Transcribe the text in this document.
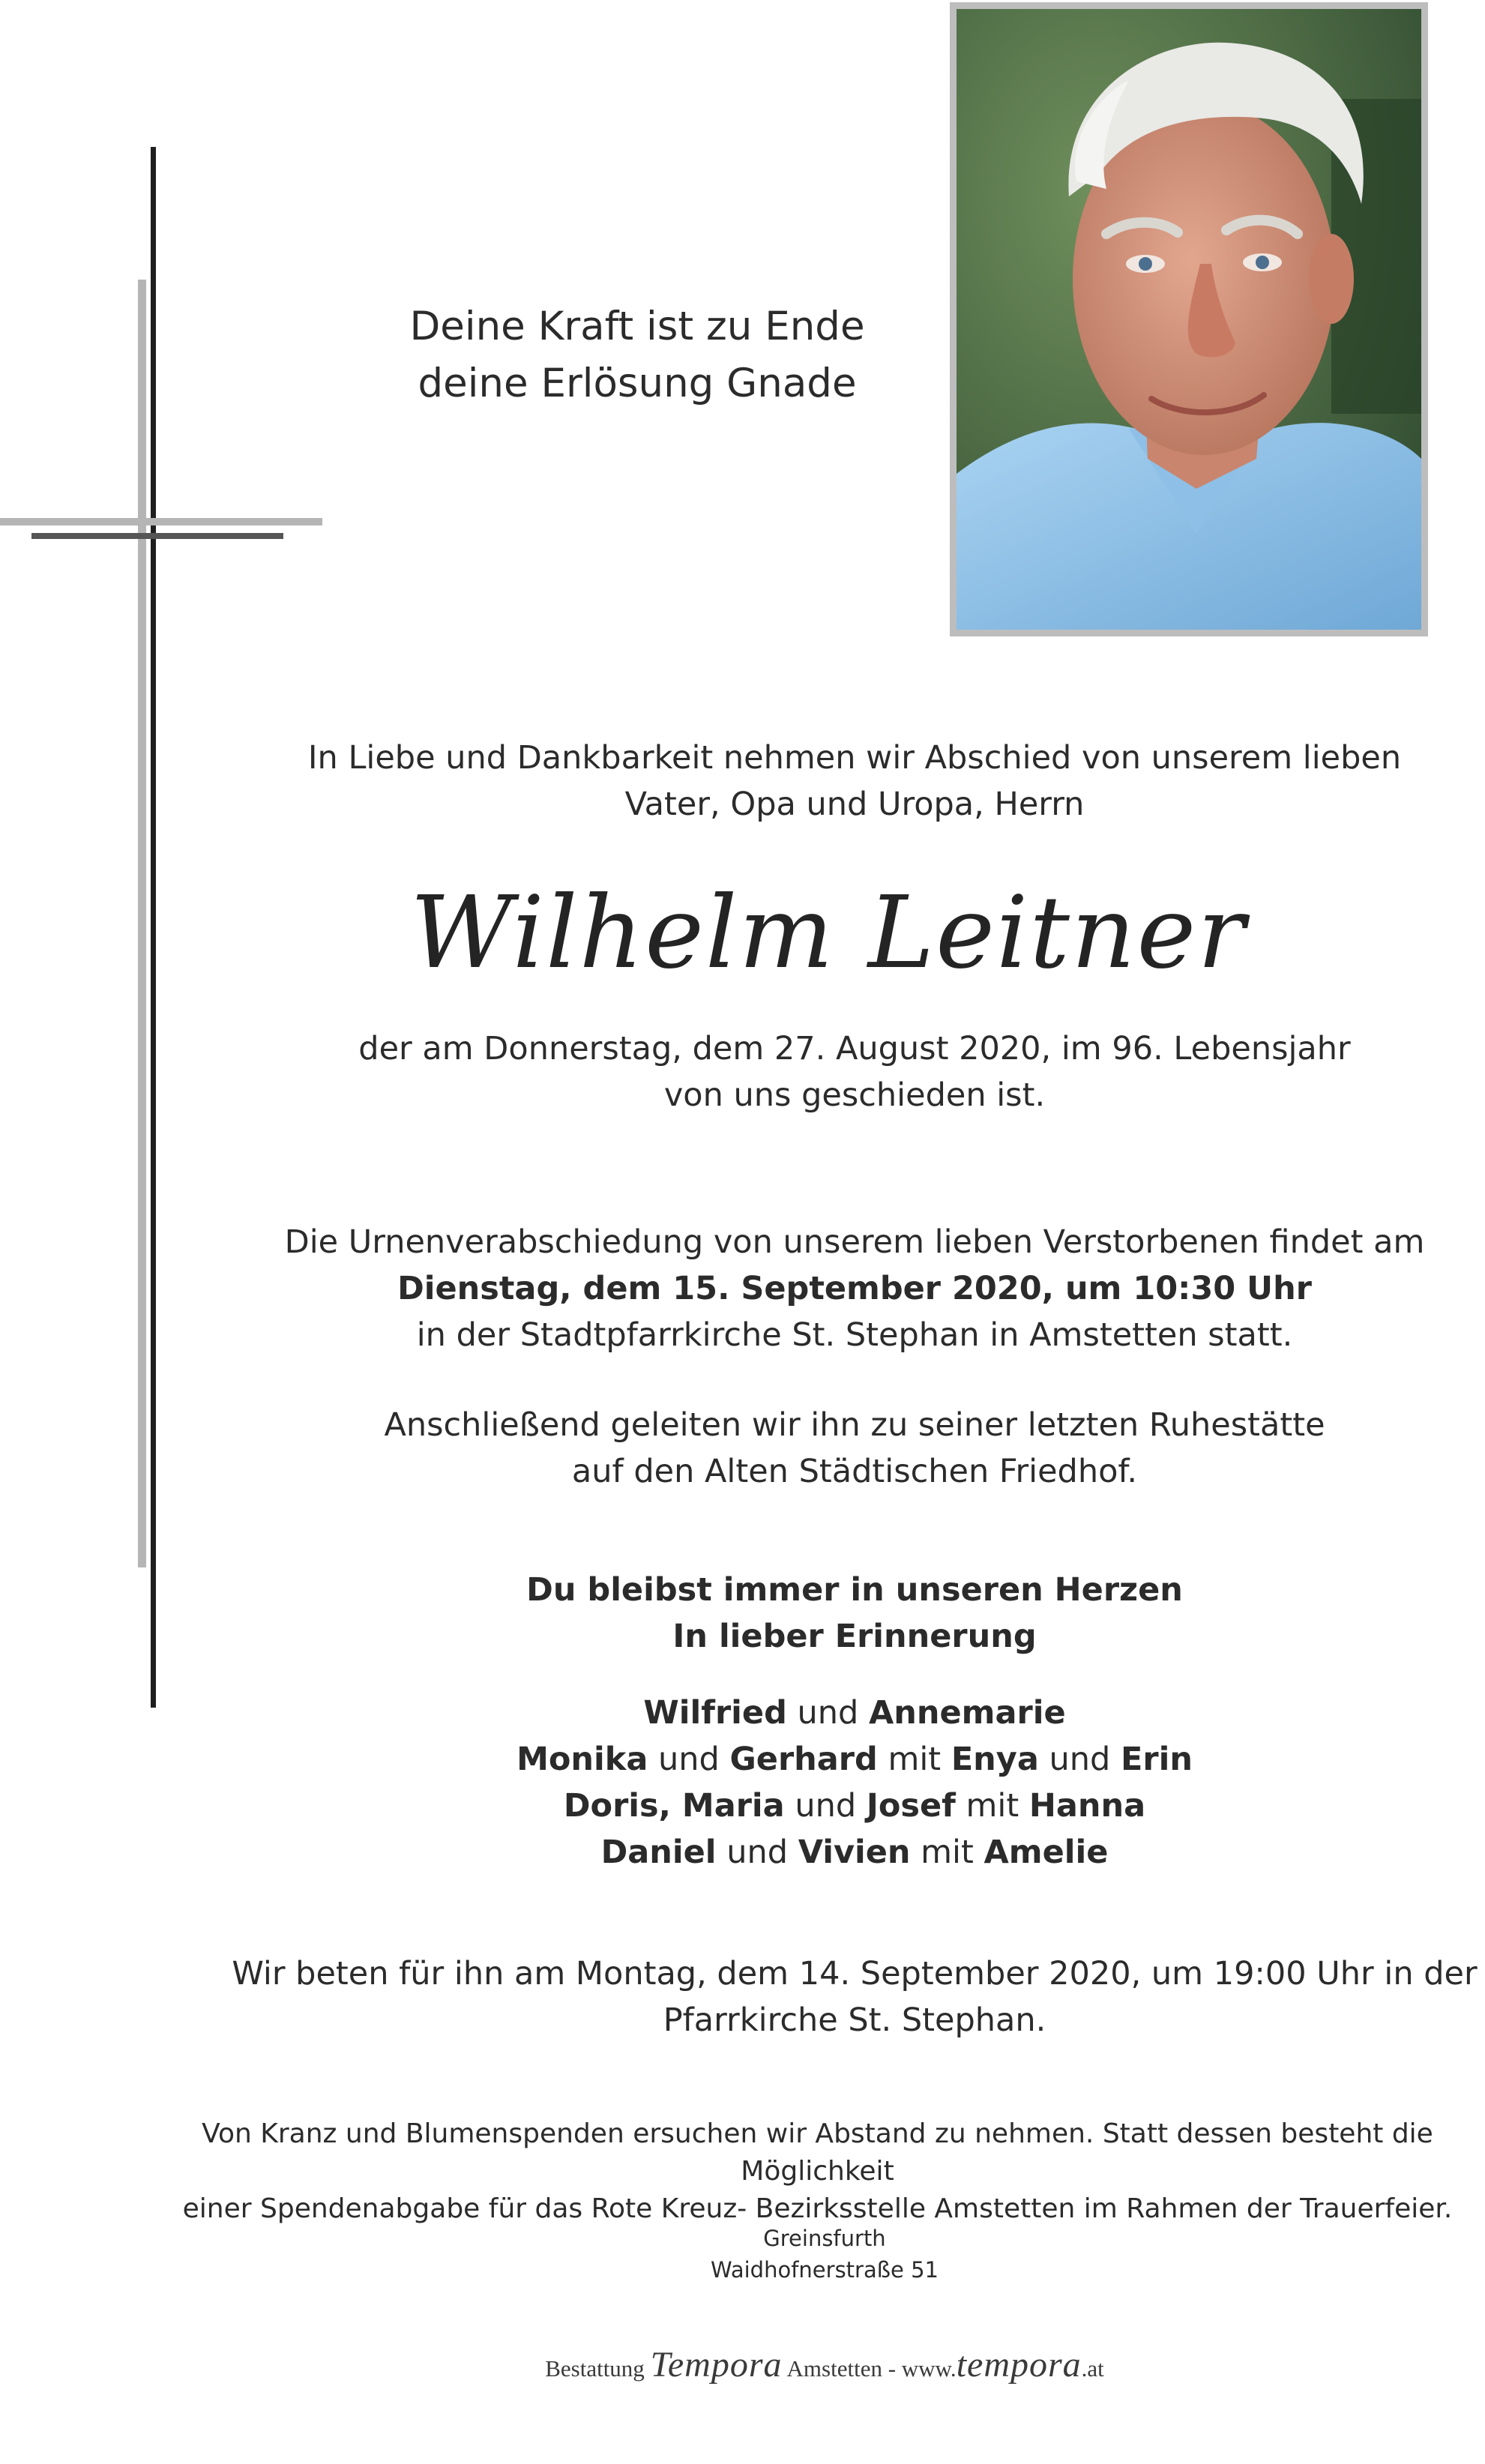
Deine Kraft ist zu Ende
deine Erlösung Gnade
In Liebe und Dankbarkeit nehmen wir Abschied von unserem lieben
Vater, Opa und Uropa, Herrn
Wilhelm Leitner
der am Donnerstag, dem 27. August 2020, im 96. Lebensjahr
von uns geschieden ist.
Die Urnenverabschiedung von unserem lieben Verstorbenen findet am
Dienstag, dem 15. September 2020, um 10:30 Uhr
in der Stadtpfarrkirche St. Stephan in Amstetten statt.
Anschließend geleiten wir ihn zu seiner letzten Ruhestätte
auf den Alten Städtischen Friedhof.
Du bleibst immer in unseren Herzen
In lieber Erinnerung
Wilfried und Annemarie
Monika und Gerhard mit Enya und Erin
Doris, Maria und Josef mit Hanna
Daniel und Vivien mit Amelie
Wir beten für ihn am Montag, dem 14. September 2020, um 19:00 Uhr in der
Pfarrkirche St. Stephan.
Von Kranz und Blumenspenden ersuchen wir Abstand zu nehmen. Statt dessen besteht die Möglichkeit
einer Spendenabgabe für das Rote Kreuz- Bezirksstelle Amstetten im Rahmen der Trauerfeier.
Greinsfurth
Waidhofnerstraße 51
Bestattung Tempora Amstetten - www.tempora.at
